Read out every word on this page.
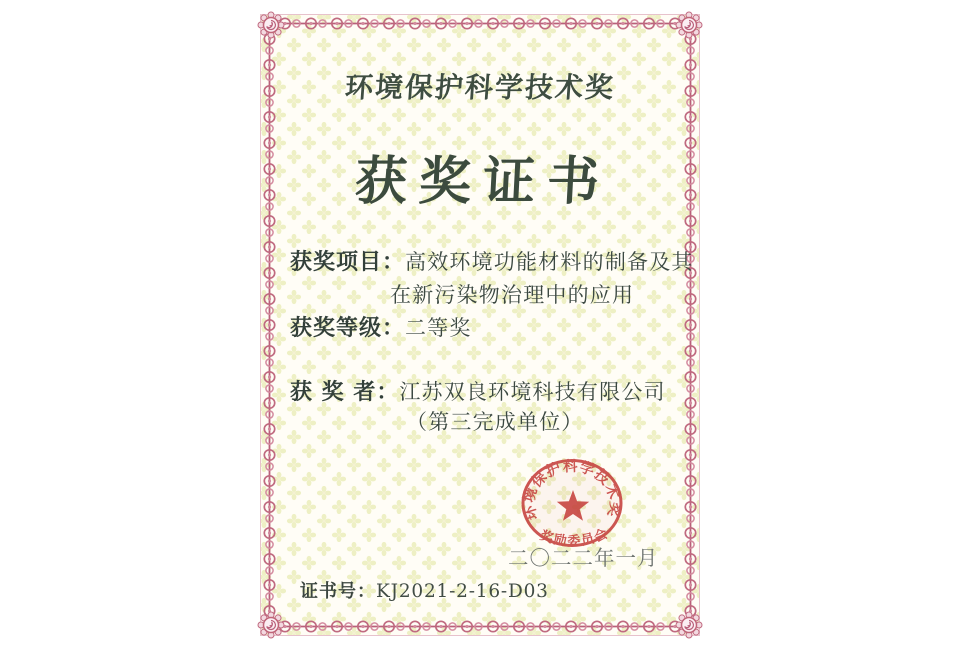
环境保护科学技术奖
获奖证书
获奖项目：高效环境功能材料的制备及其
在新污染物治理中的应用
获奖等级：二等奖
获 奖 者：江苏双良环境科技有限公司
（第三完成单位）
二〇二二年一月
证书号：KJ2021-2-16-D03
环境保护科学技术奖
奖励委员会
